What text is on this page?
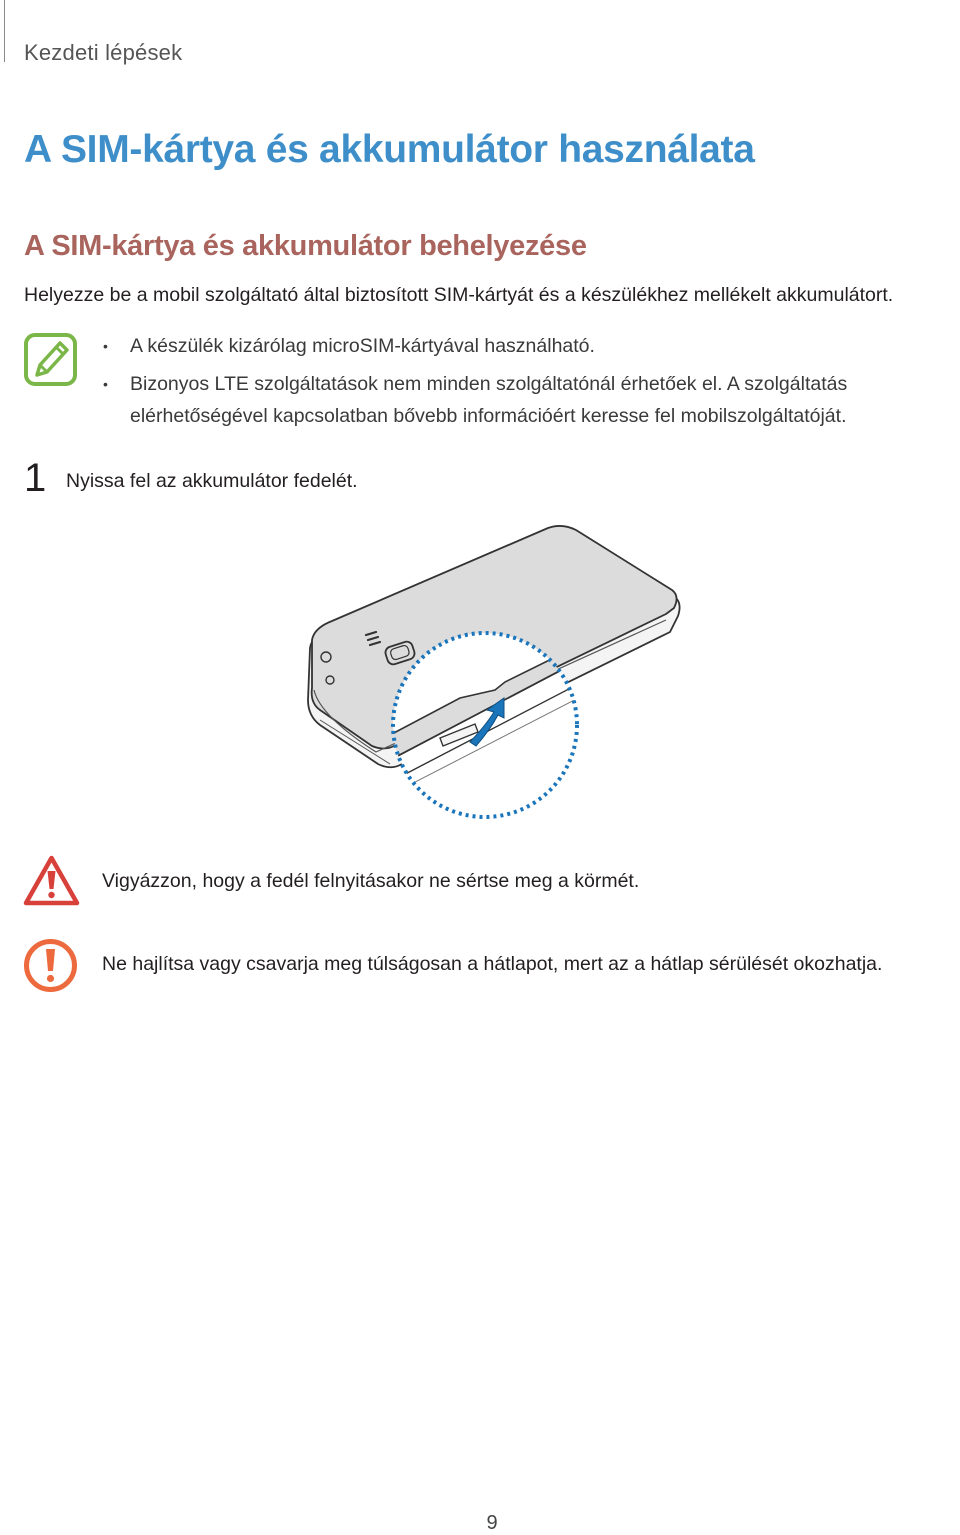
Kezdeti lépések
A SIM-kártya és akkumulátor használata
A SIM-kártya és akkumulátor behelyezése
Helyezze be a mobil szolgáltató által biztosított SIM-kártyát és a készülékhez mellékelt akkumulátort.
• A készülék kizárólag microSIM-kártyával használható.
• Bizonyos LTE szolgáltatások nem minden szolgáltatónál érhetőek el. A szolgáltatás elérhetőségével kapcsolatban bővebb információért keresse fel mobilszolgáltatóját.
1 Nyissa fel az akkumulátor fedelét.
Vigyázzon, hogy a fedél felnyitásakor ne sértse meg a körmét.
Ne hajlítsa vagy csavarja meg túlságosan a hátlapot, mert az a hátlap sérülését okozhatja.
9
